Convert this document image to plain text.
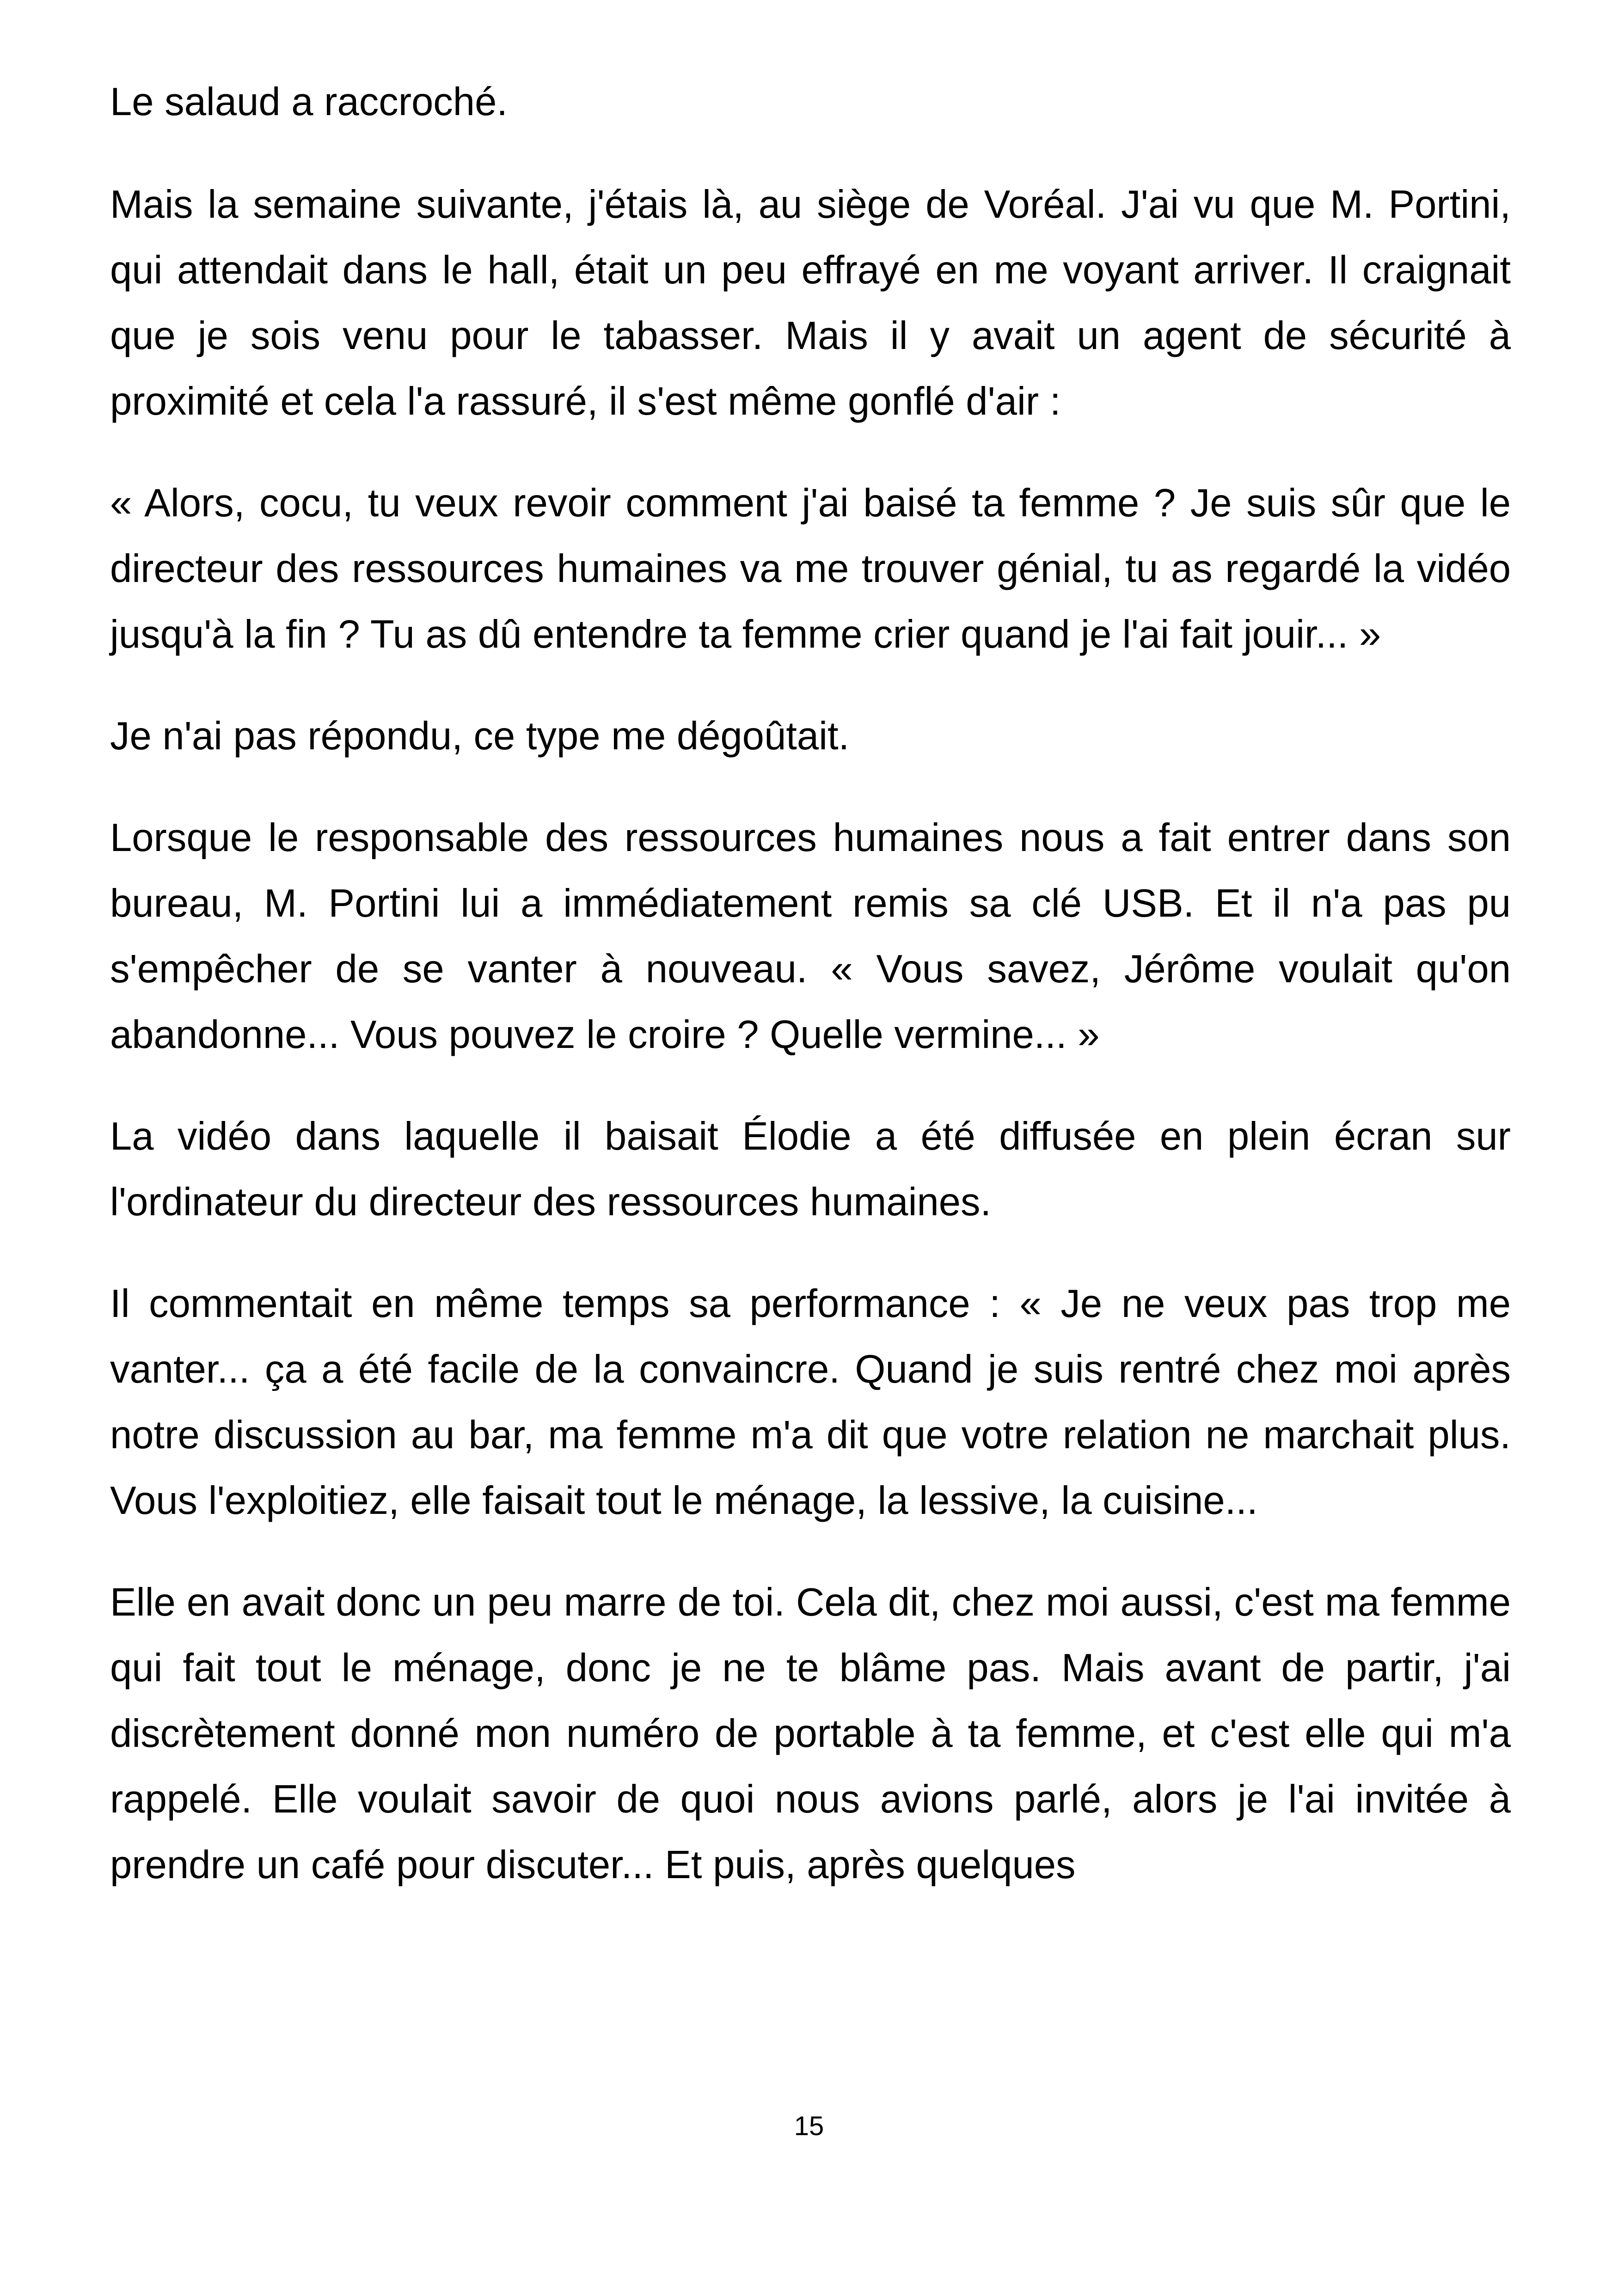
Le salaud a raccroché.

Mais la semaine suivante, j'étais là, au siège de Voréal. J'ai vu que M. Portini, qui attendait dans le hall, était un peu effrayé en me voyant arriver. Il craignait que je sois venu pour le tabasser. Mais il y avait un agent de sécurité à proximité et cela l'a rassuré, il s'est même gonflé d'air :

« Alors, cocu, tu veux revoir comment j'ai baisé ta femme ? Je suis sûr que le directeur des ressources humaines va me trouver génial, tu as regardé la vidéo jusqu'à la fin ? Tu as dû entendre ta femme crier quand je l'ai fait jouir... »

Je n'ai pas répondu, ce type me dégoûtait.

Lorsque le responsable des ressources humaines nous a fait entrer dans son bureau, M. Portini lui a immédiatement remis sa clé USB. Et il n'a pas pu s'empêcher de se vanter à nouveau. « Vous savez, Jérôme voulait qu'on abandonne... Vous pouvez le croire ? Quelle vermine... »

La vidéo dans laquelle il baisait Élodie a été diffusée en plein écran sur l'ordinateur du directeur des ressources humaines.

Il commentait en même temps sa performance : « Je ne veux pas trop me vanter... ça a été facile de la convaincre. Quand je suis rentré chez moi après notre discussion au bar, ma femme m'a dit que votre relation ne marchait plus. Vous l'exploitiez, elle faisait tout le ménage, la lessive, la cuisine...

Elle en avait donc un peu marre de toi. Cela dit, chez moi aussi, c'est ma femme qui fait tout le ménage, donc je ne te blâme pas. Mais avant de partir, j'ai discrètement donné mon numéro de portable à ta femme, et c'est elle qui m'a rappelé. Elle voulait savoir de quoi nous avions parlé, alors je l'ai invitée à prendre un café pour discuter... Et puis, après quelques

15
